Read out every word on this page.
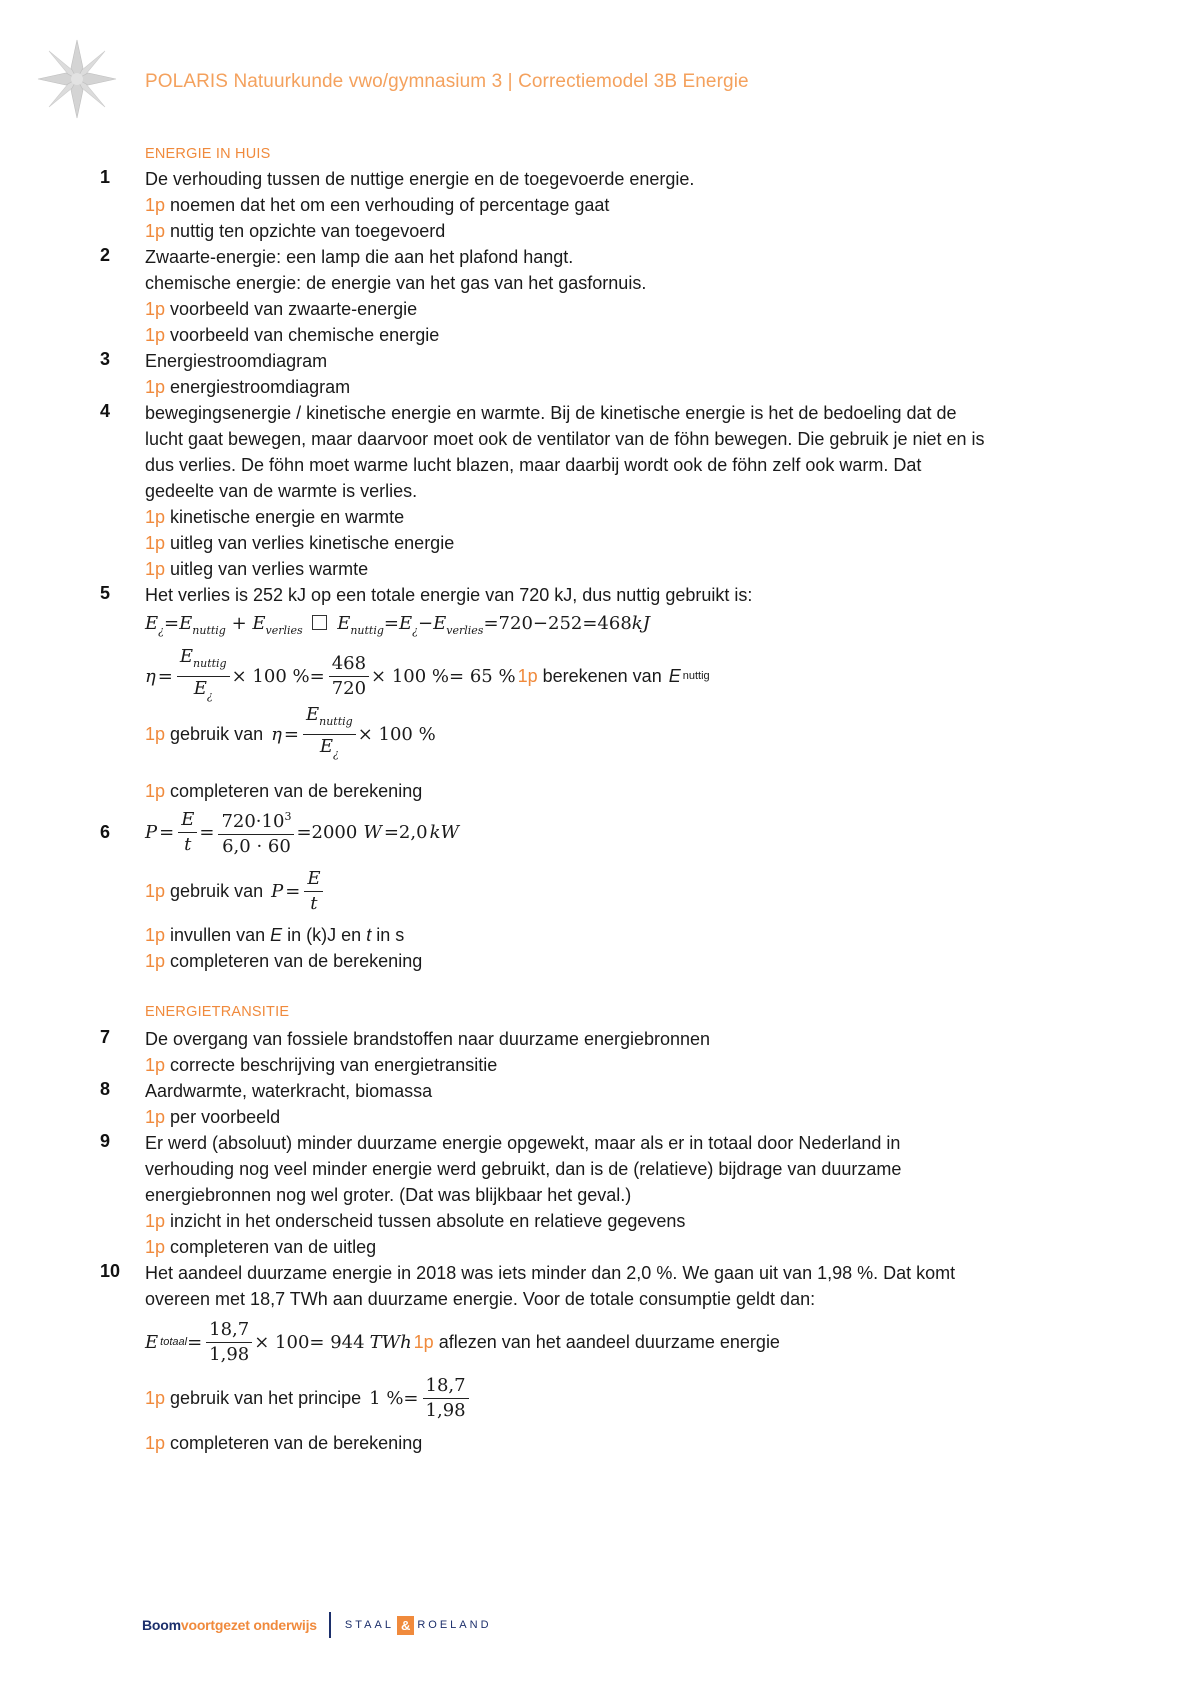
POLARIS Natuurkunde vwo/gymnasium 3 | Correctiemodel 3B Energie
ENERGIE IN HUIS
1 De verhouding tussen de nuttige energie en de toegevoerde energie.
1p noemen dat het om een verhouding of percentage gaat
1p nuttig ten opzichte van toegevoerd
2 Zwaarte-energie: een lamp die aan het plafond hangt.
chemische energie: de energie van het gas van het gasfornuis.
1p voorbeeld van zwaarte-energie
1p voorbeeld van chemische energie
3 Energiestroomdiagram
1p energiestroomdiagram
4 bewegingsenergie / kinetische energie en warmte. Bij de kinetische energie is het de bedoeling dat de
lucht gaat bewegen, maar daarvoor moet ook de ventilator van de föhn bewegen. Die gebruik je niet en is
dus verlies. De föhn moet warme lucht blazen, maar daarbij wordt ook de föhn zelf ook warm. Dat
gedeelte van de warmte is verlies.
1p kinetische energie en warmte
1p uitleg van verlies kinetische energie
1p uitleg van verlies warmte
5 Het verlies is 252 kJ op een totale energie van 720 kJ, dus nuttig gebruikt is:
$E_¿=E_{nuttig} + E_{verlies}$ $E_{nuttig}=E_¿-E_{verlies}=720-252=468kJ$
$\eta = \frac{E_{nuttig}}{E_¿} \times 100$ %= $\frac{468}{720} \times 100$ %= 65 % 1p berekenen van E nuttig
1p gebruik van $\eta = \frac{E_{nuttig}}{E_¿} \times 100$ %
1p completeren van de berekening
6 $P = \frac{E}{t} = \frac{720\cdot 10^3}{6,0 \cdot 60} =2000$ W =2,0 kW
1p gebruik van $P = \frac{E}{t}$
1p invullen van E in (k)J en t in s
1p completeren van de berekening
ENERGIETRANSITIE
7 De overgang van fossiele brandstoffen naar duurzame energiebronnen
1p correcte beschrijving van energietransitie
8 Aardwarmte, waterkracht, biomassa
1p per voorbeeld
9 Er werd (absoluut) minder duurzame energie opgewekt, maar als er in totaal door Nederland in
verhouding nog veel minder energie werd gebruikt, dan is de (relatieve) bijdrage van duurzame
energiebronnen nog wel groter. (Dat was blijkbaar het geval.)
1p inzicht in het onderscheid tussen absolute en relatieve gegevens
1p completeren van de uitleg
10 Het aandeel duurzame energie in 2018 was iets minder dan 2,0 %. We gaan uit van 1,98 %. Dat komt
overeen met 18,7 TWh aan duurzame energie. Voor de totale consumptie geldt dan:
E totaal = $\frac{18,7}{1,98} \times 100= 944$ TWh 1p aflezen van het aandeel duurzame energie
1p gebruik van het principe 1 %= $\frac{18,7}{1,98}$
1p completeren van de berekening
Boomvoortgezet onderwijs	STAAL & ROELAND
